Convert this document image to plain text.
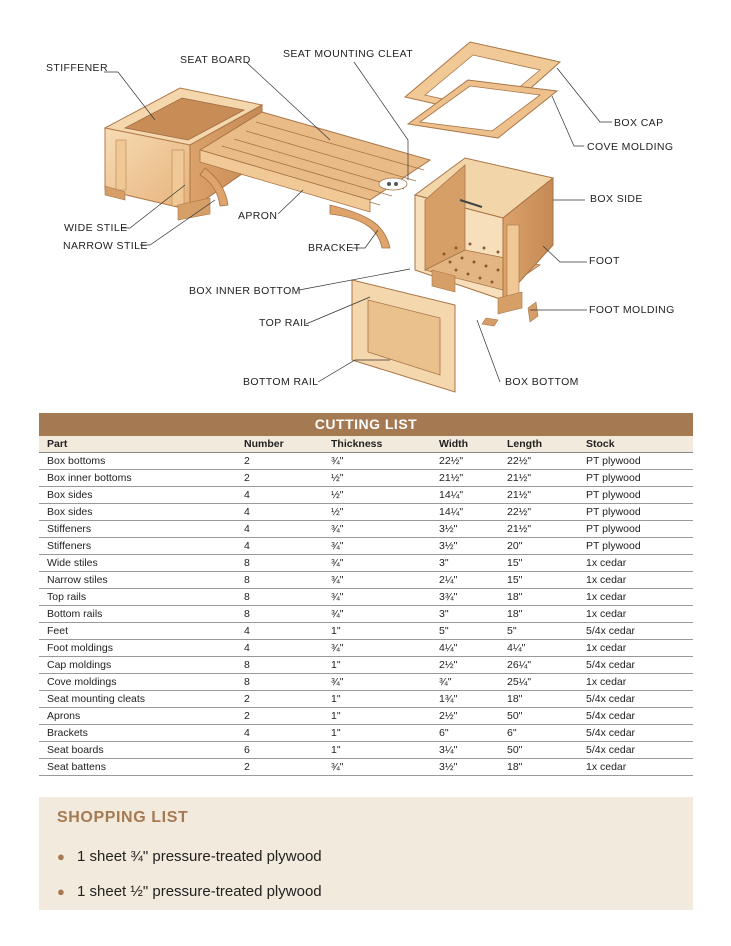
STIFFENER
SEAT BOARD	SEAT MOUNTING CLEAT
BOX CAP
COVE MOLDING
BOX SIDE
WIDE STILE
NARROW STILE
APRON
BRACKET
FOOT
BOX INNER BOTTOM
FOOT MOLDING
TOP RAIL
BOTTOM RAIL	BOX BOTTOM
CUTTING LIST
Part	Number	Thickness	Width	Length	Stock
Box bottoms	2	¾"	22½"	22½"	PT plywood
Box inner bottoms	2	½"	21½"	21½"	PT plywood
Box sides	4	½"	14¼"	21½"	PT plywood
Box sides	4	½"	14¼"	22½"	PT plywood
Stiffeners	4	¾"	3½"	21½"	PT plywood
Stiffeners	4	¾"	3½"	20"	PT plywood
Wide stiles	8	¾"	3"	15"	1x cedar
Narrow stiles	8	¾"	2¼"	15"	1x cedar
Top rails	8	¾"	3¾"	18"	1x cedar
Bottom rails	8	¾"	3"	18"	1x cedar
Feet	4	1"	5"	5"	5/4x cedar
Foot moldings	4	¾"	4¼"	4¼"	1x cedar
Cap moldings	8	1"	2½"	26¼"	5/4x cedar
Cove moldings	8	¾"	¾"	25¼"	1x cedar
Seat mounting cleats	2	1"	1¾"	18"	5/4x cedar
Aprons	2	1"	2½"	50"	5/4x cedar
Brackets	4	1"	6"	6"	5/4x cedar
Seat boards	6	1"	3¼"	50"	5/4x cedar
Seat battens	2	¾"	3½"	18"	1x cedar
SHOPPING LIST
● 1 sheet ¾" pressure-treated plywood
● 1 sheet ½" pressure-treated plywood
